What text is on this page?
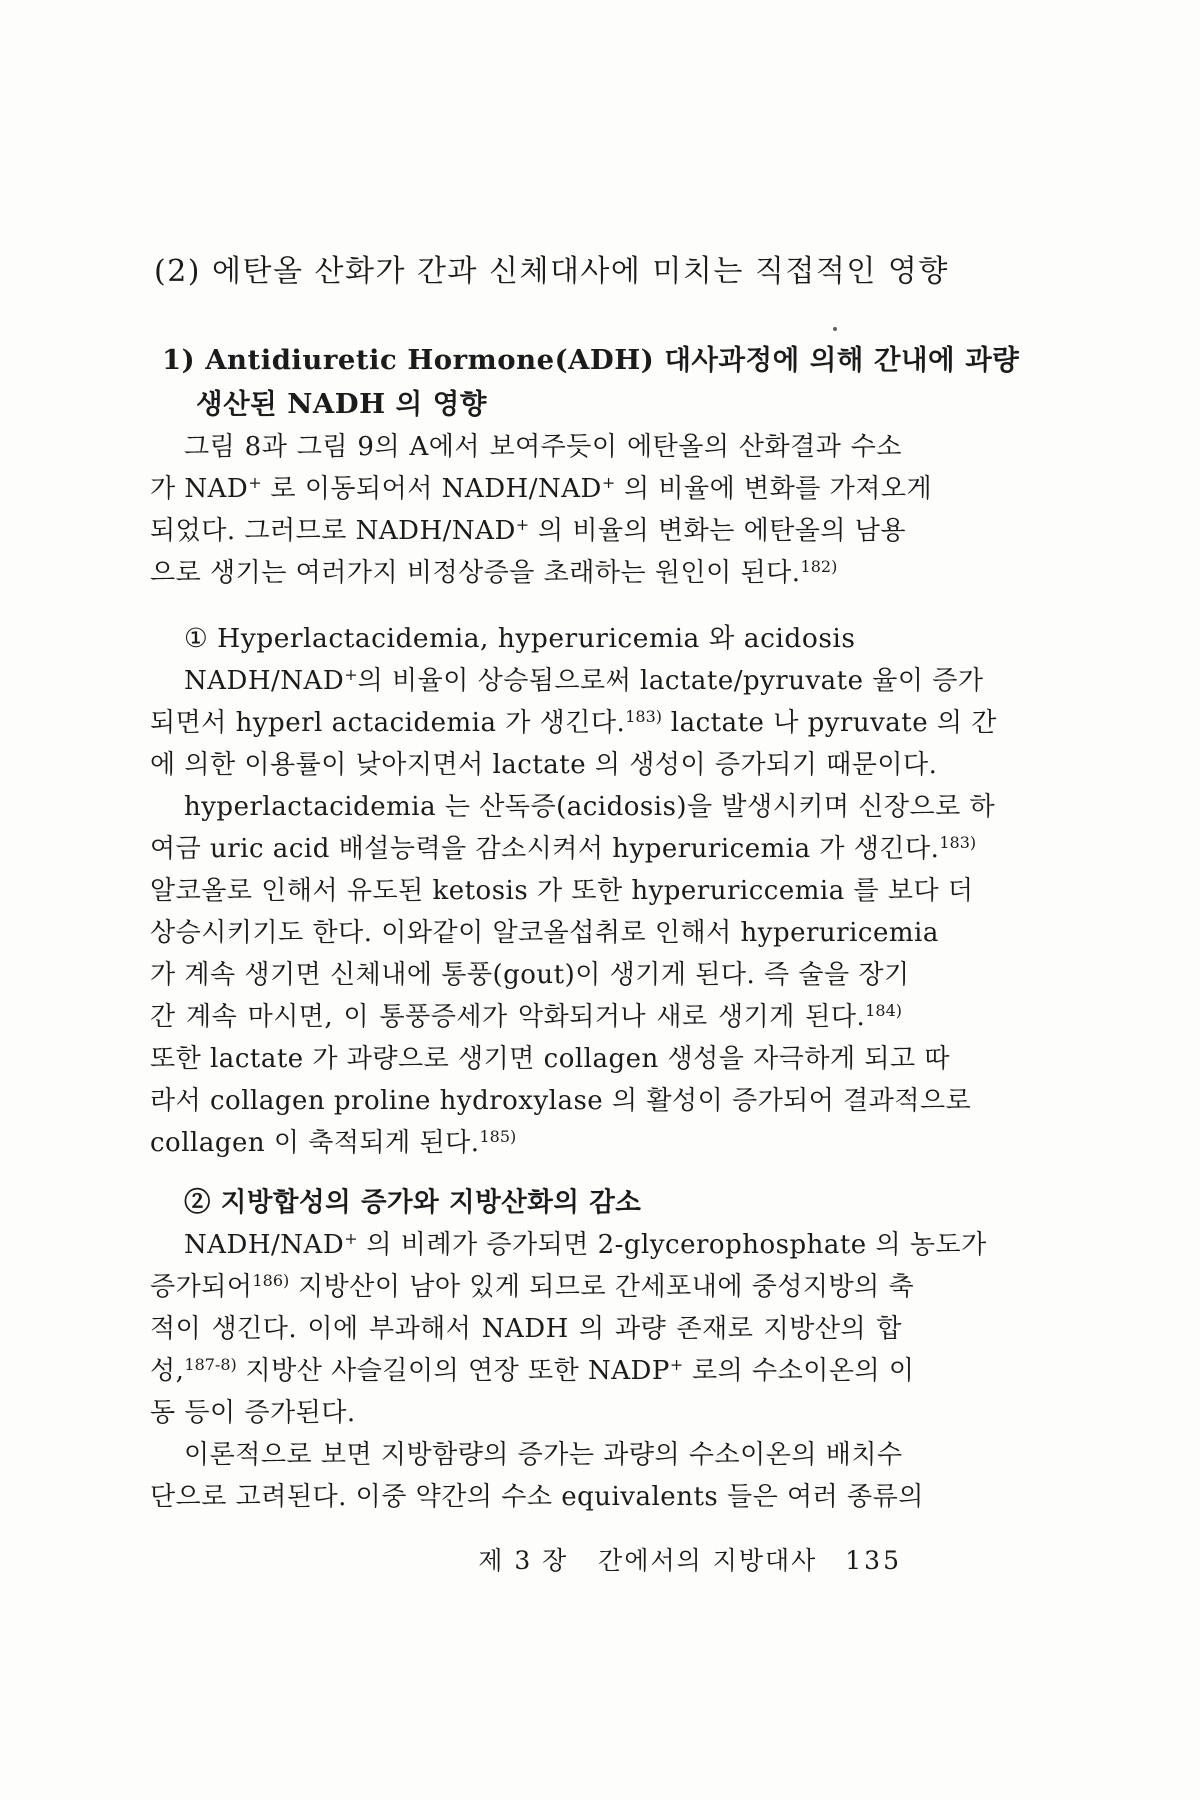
(2) 에탄올 산화가 간과 신체대사에 미치는 직접적인 영향
1) Antidiuretic Hormone(ADH) 대사과정에 의해 간내에 과량
생산된 NADH 의 영향
그림 8과 그림 9의 A에서 보여주듯이 에탄올의 산화결과 수소
가 NAD+ 로 이동되어서 NADH/NAD+ 의 비율에 변화를 가져오게
되었다. 그러므로 NADH/NAD+ 의 비율의 변화는 에탄올의 남용
으로 생기는 여러가지 비정상증을 초래하는 원인이 된다.$^{182)}$
① Hyperlactacidemia, hyperuricemia 와 acidosis
NADH/NAD+의 비율이 상승됨으로써 lactate/pyruvate 율이 증가
되면서 hyperl actacidemia 가 생긴다.$^{183)}$ lactate 나 pyruvate 의 간
에 의한 이용률이 낮아지면서 lactate 의 생성이 증가되기 때문이다.
hyperlactacidemia 는 산독증(acidosis)을 발생시키며 신장으로 하
여금 uric acid 배설능력을 감소시켜서 hyperuricemia 가 생긴다.$^{183)}$
알코올로 인해서 유도된 ketosis 가 또한 hyperuriccemia 를 보다 더
상승시키기도 한다. 이와같이 알코올섭취로 인해서 hyperuricemia
가 계속 생기면 신체내에 통풍(gout)이 생기게 된다. 즉 술을 장기
간 계속 마시면, 이 통풍증세가 악화되거나 새로 생기게 된다.$^{184)}$
또한 lactate 가 과량으로 생기면 collagen 생성을 자극하게 되고 따
라서 collagen proline hydroxylase 의 활성이 증가되어 결과적으로
collagen 이 축적되게 된다.$^{185)}$
② 지방합성의 증가와 지방산화의 감소
NADH/NAD+ 의 비례가 증가되면 2-glycerophosphate 의 농도가
증가되어$^{186)}$ 지방산이 남아 있게 되므로 간세포내에 중성지방의 축
적이 생긴다. 이에 부과해서 NADH 의 과량 존재로 지방산의 합
성,$^{187-8)}$ 지방산 사슬길이의 연장 또한 NADP+ 로의 수소이온의 이
동 등이 증가된다.
이론적으로 보면 지방함량의 증가는 과량의 수소이온의 배치수
단으로 고려된다. 이중 약간의 수소 equivalents 들은 여러 종류의
제 3 장   간에서의 지방대사 135
